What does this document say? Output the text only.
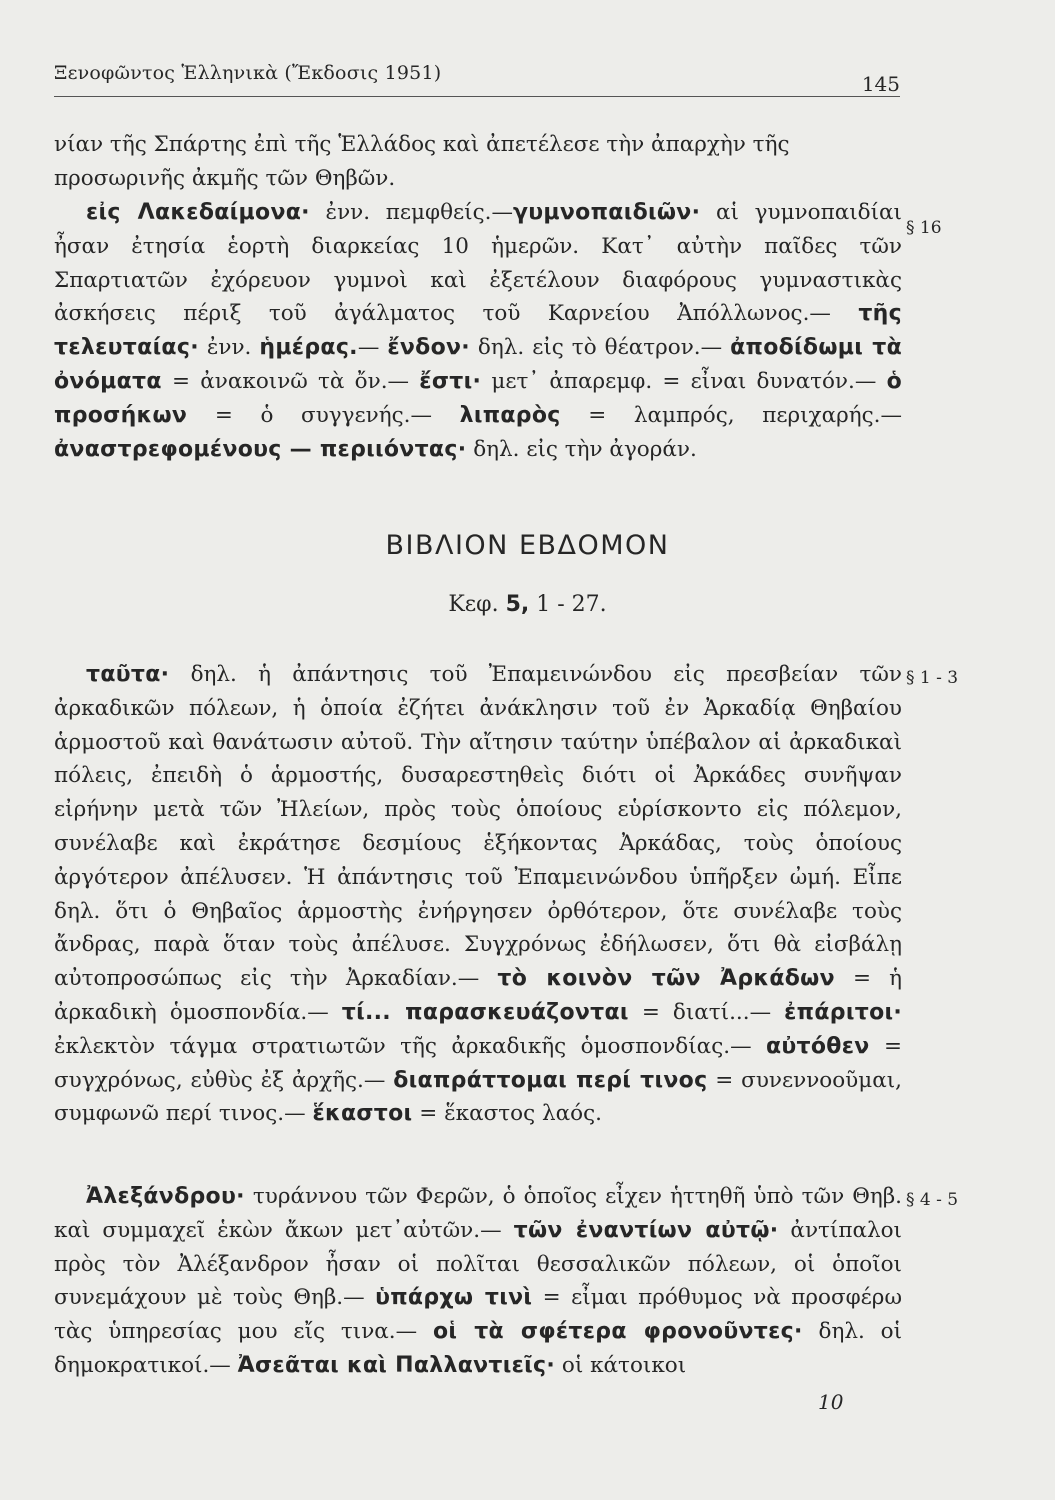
Ξενοφῶντος Ἑλληνικὰ (Ἔκδοσις 1951)	145
νίαν τῆς Σπάρτης ἐπὶ τῆς Ἑλλάδος καὶ ἀπετέλεσε τὴν ἀπαρχὴν τῆς
προσωρινῆς ἀκμῆς τῶν Θηβῶν.
εἰς Λακεδαίμονα· ἐνν. πεμφθείς.—γυμνοπαιδιῶν· αἱ γυμνοπαιδίαι ἦσαν ἐτησία ἑορτὴ διαρκείας 10 ἡμερῶν. Κατ᾿ αὐτὴν παῖδες τῶν Σπαρτιατῶν ἐχόρευον γυμνοὶ καὶ ἐξετέλουν διαφόρους γυμναστικὰς ἀσκήσεις πέριξ τοῦ ἀγάλματος τοῦ Καρνείου Ἀπόλλωνος.— τῆς τελευταίας· ἐνν. ἡμέρας.— ἔνδον· δηλ. εἰς τὸ θέατρον.— ἀποδίδωμι τὰ ὀνόματα = ἀνακοινῶ τὰ ὄν.— ἔστι· μετ᾿ ἀπαρεμφ. = εἶναι δυνατόν.— ὁ προσήκων = ὁ συγγενής.— λιπαρὸς = λαμπρός, περιχαρής.— ἀναστρεφομένους — περιιόντας· δηλ. εἰς τὴν ἀγοράν.
ΒΙΒΛΙΟΝ ΕΒΔΟΜΟΝ
Κεφ. 5, 1 - 27.
ταῦτα· δηλ. ἡ ἀπάντησις τοῦ Ἐπαμεινώνδου εἰς πρεσβείαν τῶν ἀρκαδικῶν πόλεων, ἡ ὁποία ἐζήτει ἀνάκλησιν τοῦ ἐν Ἀρκαδίᾳ Θηβαίου ἁρμοστοῦ καὶ θανάτωσιν αὐτοῦ. Τὴν αἴτησιν ταύτην ὑπέβαλον αἱ ἀρκαδικαὶ πόλεις, ἐπειδὴ ὁ ἁρμοστής, δυσαρεστηθεὶς διότι οἱ Ἀρκάδες συνῆψαν εἰρήνην μετὰ τῶν Ἠλείων, πρὸς τοὺς ὁποίους εὑρίσκοντο εἰς πόλεμον, συνέλαβε καὶ ἐκράτησε δεσμίους ἑξήκοντας Ἀρκάδας, τοὺς ὁποίους ἀργότερον ἀπέλυσεν. Ἡ ἀπάντησις τοῦ Ἐπαμεινώνδου ὑπῆρξεν ὠμή. Εἶπε δηλ. ὅτι ὁ Θηβαῖος ἁρμοστὴς ἐνήργησεν ὀρθότερον, ὅτε συνέλαβε τοὺς ἄνδρας, παρὰ ὅταν τοὺς ἀπέλυσε. Συγχρόνως ἐδήλωσεν, ὅτι θὰ εἰσβάλῃ αὐτοπροσώπως εἰς τὴν Ἀρκαδίαν.— τὸ κοινὸν τῶν Ἀρκάδων = ἡ ἀρκαδικὴ ὁμοσπονδία.— τί... παρασκευάζονται = διατί...— ἐπάριτοι· ἐκλεκτὸν τάγμα στρατιωτῶν τῆς ἀρκαδικῆς ὁμοσπονδίας.— αὐτόθεν = συγχρόνως, εὐθὺς ἐξ ἀρχῆς.— διαπράττομαι περί τινος = συνεννοοῦμαι, συμφωνῶ περί τινος.— ἕκαστοι = ἕκαστος λαός.
Ἀλεξάνδρου· τυράννου τῶν Φερῶν, ὁ ὁποῖος εἶχεν ἡττηθῆ ὑπὸ τῶν Θηβ. καὶ συμμαχεῖ ἑκὼν ἄκων μετ᾿αὐτῶν.— τῶν ἐναντίων αὐτῷ· ἀντίπαλοι πρὸς τὸν Ἀλέξανδρον ἦσαν οἱ πολῖται θεσσαλικῶν πόλεων, οἱ ὁποῖοι συνεμάχουν μὲ τοὺς Θηβ.— ὑπάρχω τινὶ = εἶμαι πρόθυμος νὰ προσφέρω τὰς ὑπηρεσίας μου εἴς τινα.— οἱ τὰ σφέτερα φρονοῦντες· δηλ. οἱ δημοκρατικοί.— Ἀσεᾶται καὶ Παλλαντιεῖς· οἱ κάτοικοι
§ 16
§ 1 - 3
§ 4 - 5
10
